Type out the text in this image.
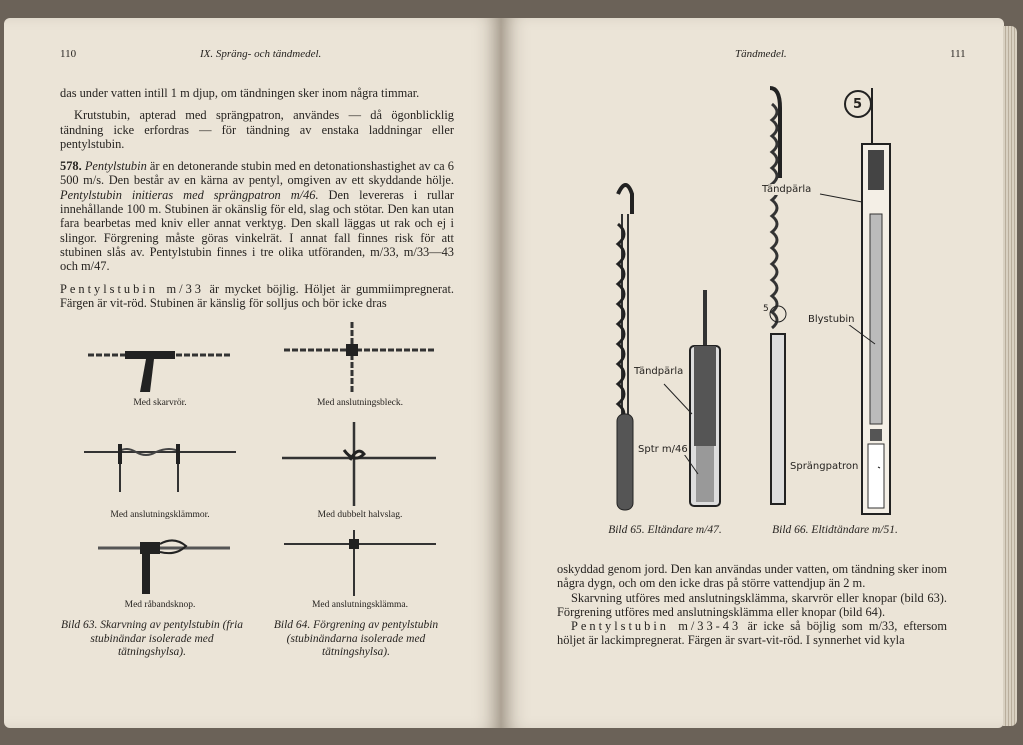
110	IX. Spräng- och tändmedel.

das under vatten intill 1 m djup, om tändningen sker inom några timmar.

Krutstubin, apterad med sprängpatron, användes — då ögonblicklig tändning icke erfordras — för tändning av enstaka laddningar eller pentylstubin.

578. Pentylstubin är en detonerande stubin med en detonationshastighet av ca 6 500 m/s. Den består av en kärna av pentyl, omgiven av ett skyddande hölje. Pentylstubin initieras med sprängpatron m/46. Den levereras i rullar innehållande 100 m. Stubinen är okänslig för eld, slag och stötar. Den kan utan fara bearbetas med kniv eller annat verktyg. Den skall läggas ut rak och ej i slingor. Förgrening måste göras vinkelrät. I annat fall finnes risk för att stubinen slås av. Pentylstubin finnes i tre olika utföranden, m/33, m/33—43 och m/47.

Pentylstubin m/33 är mycket böjlig. Höljet är gummiimpregnerat. Färgen är vit-röd. Stubinen är känslig för solljus och bör icke dras

Med skarvrör.	Med anslutningsbleck.
Med anslutningsklämmor.	Med dubbelt halvslag.
Med råbandsknop.	Med anslutningsklämma.
Bild 63. Skarvning av pentylstubin (fria stubinändar isolerade med tätningshylsa).
Bild 64. Förgrening av pentylstubin (stubinändarna isolerade med tätningshylsa).
Tändmedel.	111
Tändpärla
Sptr m/46
Tändpärla
Blystubin
Sprängpatron
5
5
Bild 65. Eltändare m/47.	Bild 66. Eltidtändare m/51.

oskyddad genom jord. Den kan användas under vatten, om tändning sker inom några dygn, och om den icke dras på större vattendjup än 2 m.

Skarvning utföres med anslutningsklämma, skarvrör eller knopar (bild 63). Förgrening utföres med anslutningsklämma eller knopar (bild 64).

Pentylstubin m/33-43 är icke så böjlig som m/33, eftersom höljet är lackimpregnerat. Färgen är svart-vit-röd. I synnerhet vid kyla
